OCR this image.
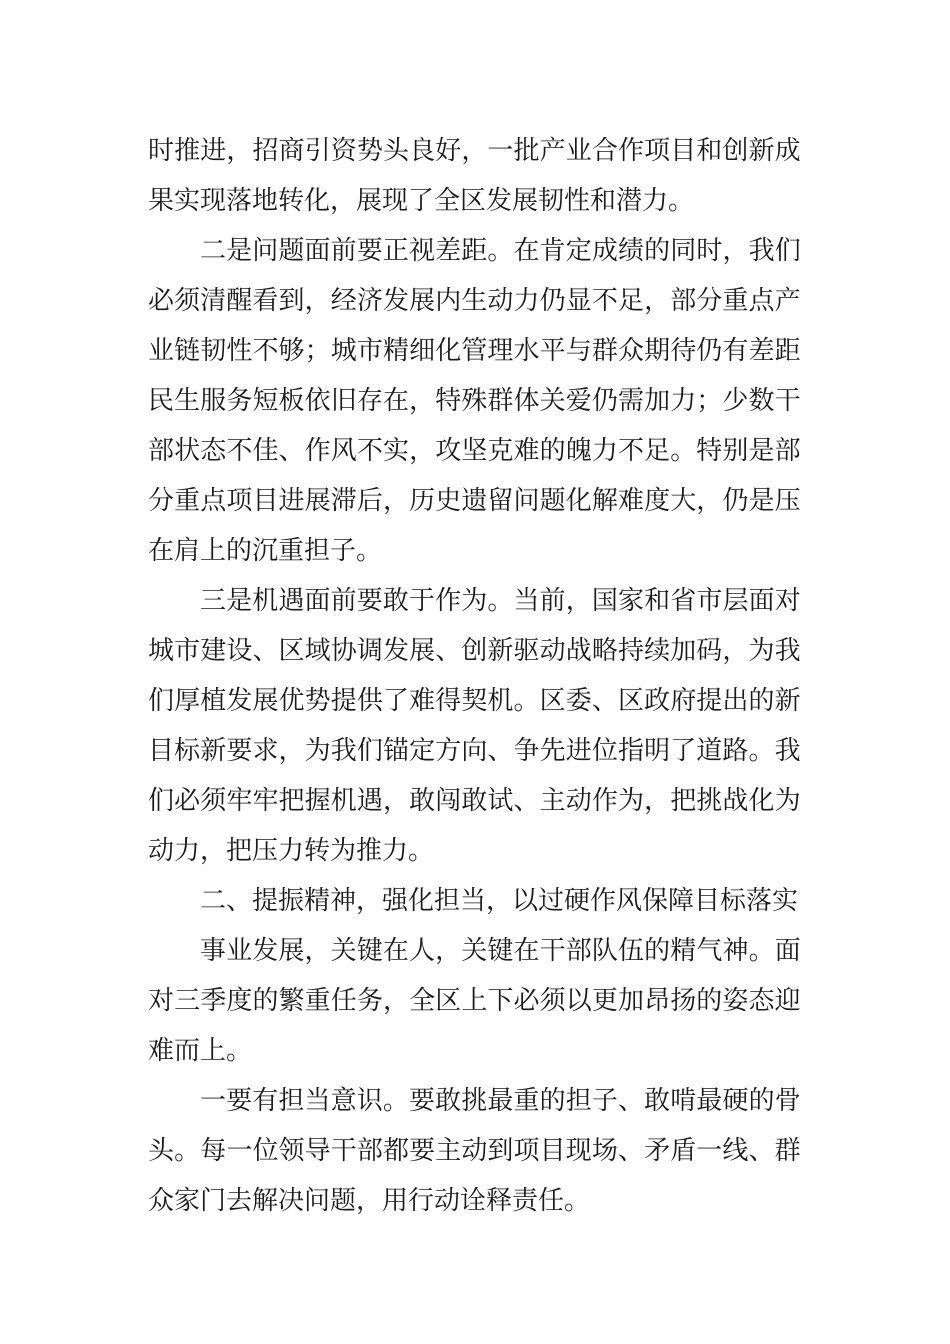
时 推 进 ， 招 商 引 资 势 头 良 好 ， 一 批 产 业 合 作 项 目 和 创 新 成
果实现落地转化，展现了全区发展韧性和潜力。
二 是 问 题 面 前 要 正 视 差 距 。 在 肯 定 成 绩 的 同 时 ， 我 们
必 须 清 醒 看 到 ， 经 济 发 展 内 生 动 力 仍 显 不 足 ， 部 分 重 点 产
业 链 韧 性 不 够 ； 城 市 精 细 化 管 理 水 平 与 群 众 期 待 仍 有 差 距
民 生 服 务 短 板 依 旧 存 在 ， 特 殊 群 体 关 爱 仍 需 加 力 ； 少 数 干
部 状 态 不 佳 、 作 风 不 实 ， 攻 坚 克 难 的 魄 力 不 足 。 特 别 是 部
分 重 点 项 目 进 展 滞 后 ， 历 史 遗 留 问 题 化 解 难 度 大 ， 仍 是 压
在肩上的沉重担子。
三 是 机 遇 面 前 要 敢 于 作 为 。 当 前 ， 国 家 和 省 市 层 面 对
城 市 建 设 、 区 域 协 调 发 展 、 创 新 驱 动 战 略 持 续 加 码 ， 为 我
们 厚 植 发 展 优 势 提 供 了 难 得 契 机 。 区 委 、 区 政 府 提 出 的 新
目 标 新 要 求 ， 为 我 们 锚 定 方 向 、 争 先 进 位 指 明 了 道 路 。 我
们 必 须 牢 牢 把 握 机 遇 ， 敢 闯 敢 试 、 主 动 作 为 ， 把 挑 战 化 为
动力，把压力转为推力。
二、提振精神，强化担当，以过硬作风保障目标落实
事 业 发 展 ， 关 键 在 人 ， 关 键 在 干 部 队 伍 的 精 气 神 。 面
对 三 季 度 的 繁 重 任 务 ， 全 区 上 下 必 须 以 更 加 昂 扬 的 姿 态 迎
难而上。
一 要 有 担 当 意 识 。 要 敢 挑 最 重 的 担 子 、 敢 啃 最 硬 的 骨
头 。 每 一 位 领 导 干 部 都 要 主 动 到 项 目 现 场 、 矛 盾 一 线 、 群
众家门去解决问题，用行动诠释责任。
